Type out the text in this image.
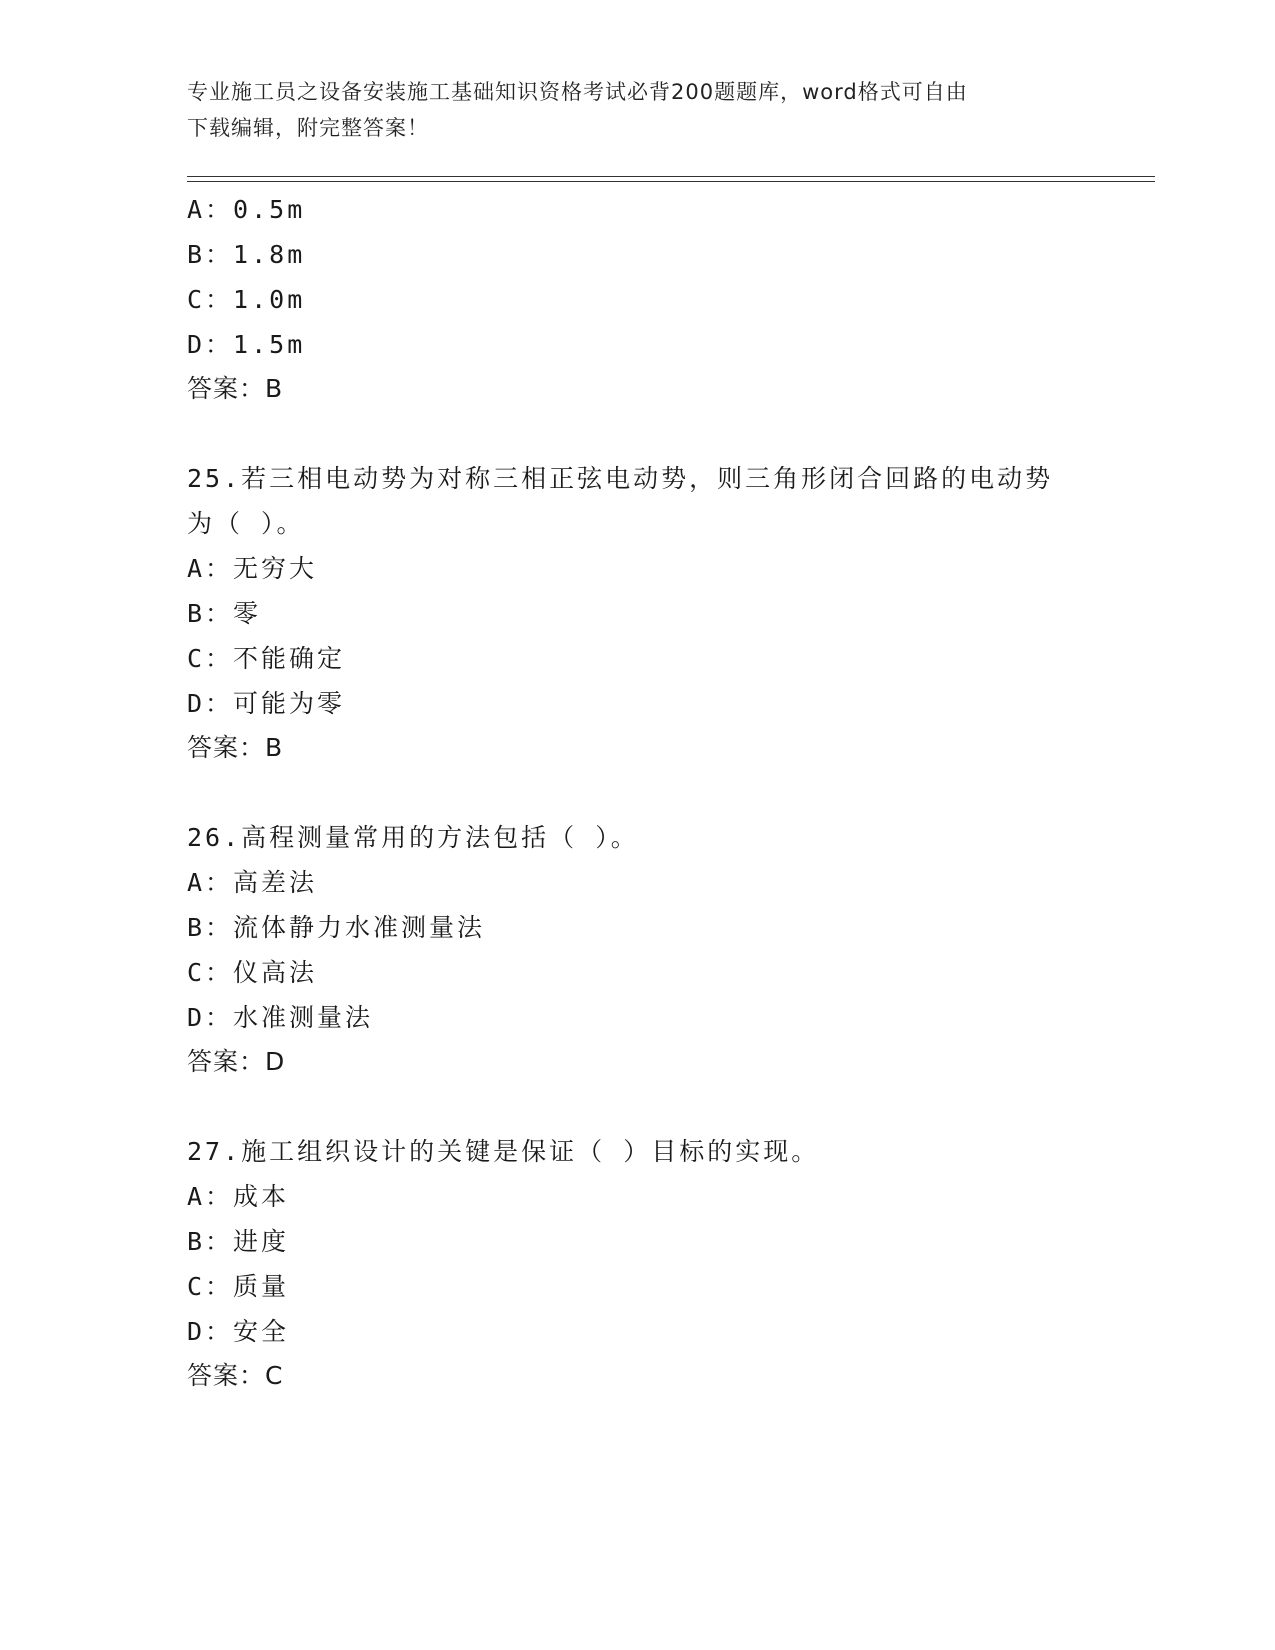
专业施工员之设备安装施工基础知识资格考试必背200题题库，word格式可自由
下载编辑，附完整答案！
A：0.5m
B：1.8m
C：1.0m
D：1.5m
答案：B
25.若三相电动势为对称三相正弦电动势，则三角形闭合回路的电动势
为（ ）。
A：无穷大
B：零
C：不能确定
D：可能为零
答案：B
26.高程测量常用的方法包括（ ）。
A：高差法
B：流体静力水准测量法
C：仪高法
D：水准测量法
答案：D
27.施工组织设计的关键是保证（ ）目标的实现。
A：成本
B：进度
C：质量
D：安全
答案：C
